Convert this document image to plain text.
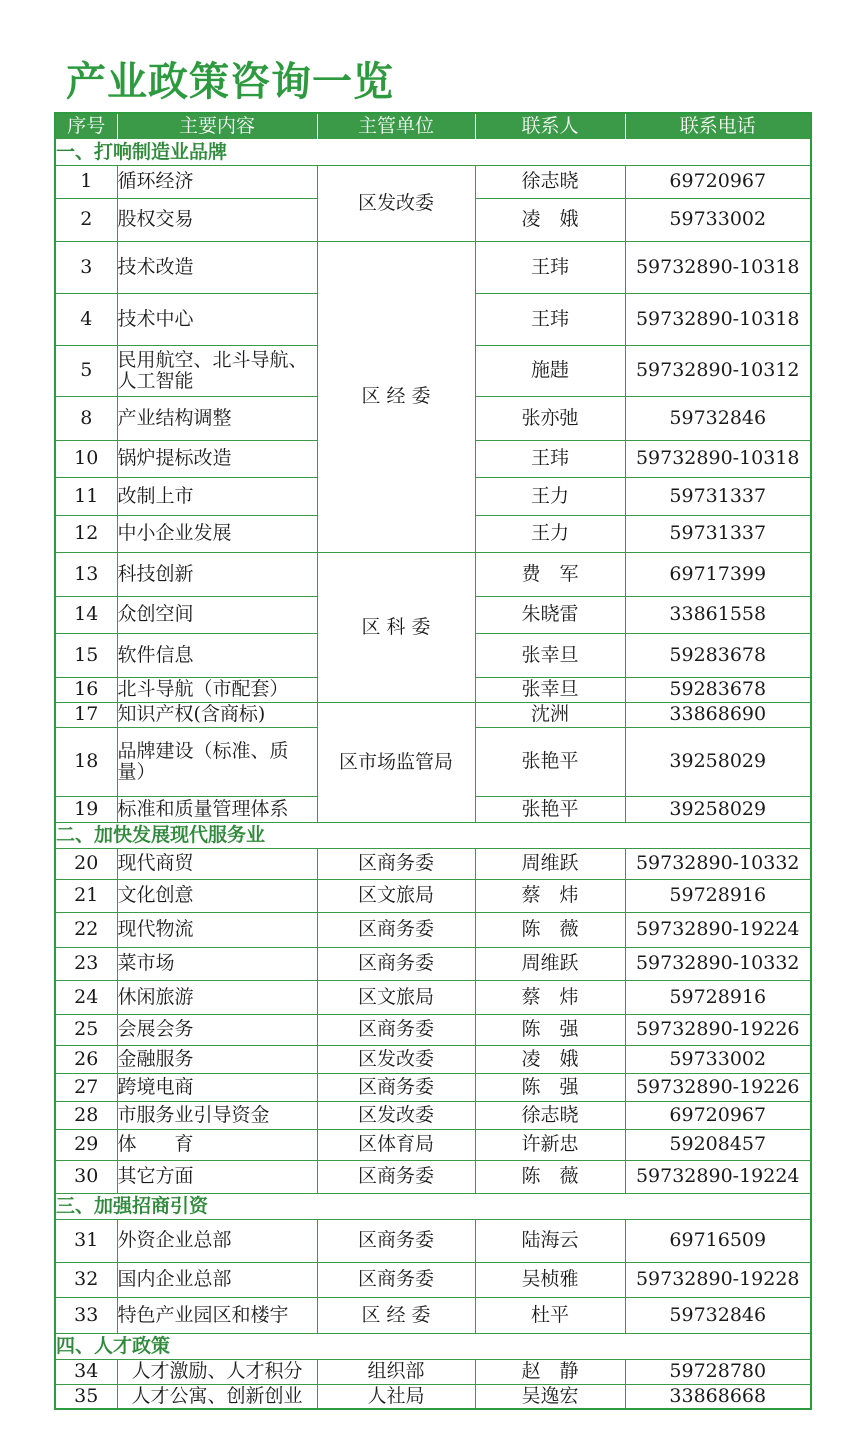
产业政策咨询一览
序号	主要内容	主管单位	联系人	联系电话
一、打响制造业品牌				
1	循环经济	区发改委	徐志晓	69720967
2	股权交易		凌　娥	59733002
3	技术改造	区 经 委	王玮	59732890-10318
4	技术中心		王玮	59732890-10318
5	民用航空、北斗导航、人工智能		施韪	59732890-10312
8	产业结构调整		张亦弛	59732846
10	锅炉提标改造		王玮	59732890-10318
11	改制上市		王力	59731337
12	中小企业发展		王力	59731337
13	科技创新	区 科 委	费　军	69717399
14	众创空间		朱晓雷	33861558
15	软件信息		张幸旦	59283678
16	北斗导航（市配套）		张幸旦	59283678
17	知识产权(含商标)	区市场监管局	沈洲	33868690
18	品牌建设（标准、质量）		张艳平	39258029
19	标准和质量管理体系		张艳平	39258029
二、加快发展现代服务业				
20	现代商贸	区商务委	周维跃	59732890-10332
21	文化创意	区文旅局	蔡　炜	59728916
22	现代物流	区商务委	陈　薇	59732890-19224
23	菜市场	区商务委	周维跃	59732890-10332
24	休闲旅游	区文旅局	蔡　炜	59728916
25	会展会务	区商务委	陈　强	59732890-19226
26	金融服务	区发改委	凌　娥	59733002
27	跨境电商	区商务委	陈　强	59732890-19226
28	市服务业引导资金	区发改委	徐志晓	69720967
29	体　　育	区体育局	许新忠	59208457
30	其它方面	区商务委	陈　薇	59732890-19224
三、加强招商引资				
31	外资企业总部	区商务委	陆海云	69716509
32	国内企业总部	区商务委	吴桢雅	59732890-19228
33	特色产业园区和楼宇	区 经 委	杜平	59732846
四、人才政策				
34	人才激励、人才积分	组织部	赵　静	59728780
35	人才公寓、创新创业	人社局	吴逸宏	33868668
